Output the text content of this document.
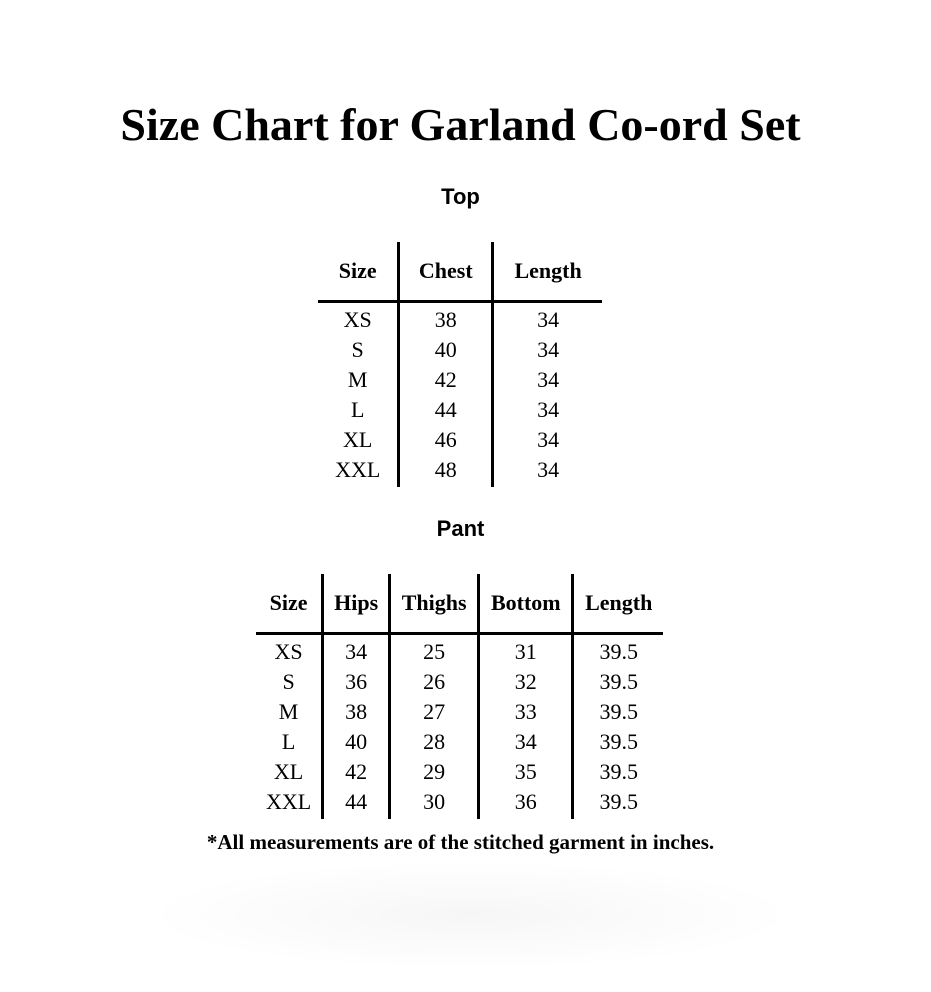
Size Chart for Garland Co-ord Set
Top
Size	Chest	Length
XS	38	34
S	40	34
M	42	34
L	44	34
XL	46	34
XXL	48	34
Pant
Size	Hips	Thighs	Bottom	Length
XS	34	25	31	39.5
S	36	26	32	39.5
M	38	27	33	39.5
L	40	28	34	39.5
XL	42	29	35	39.5
XXL	44	30	36	39.5

*All measurements are of the stitched garment in inches.
